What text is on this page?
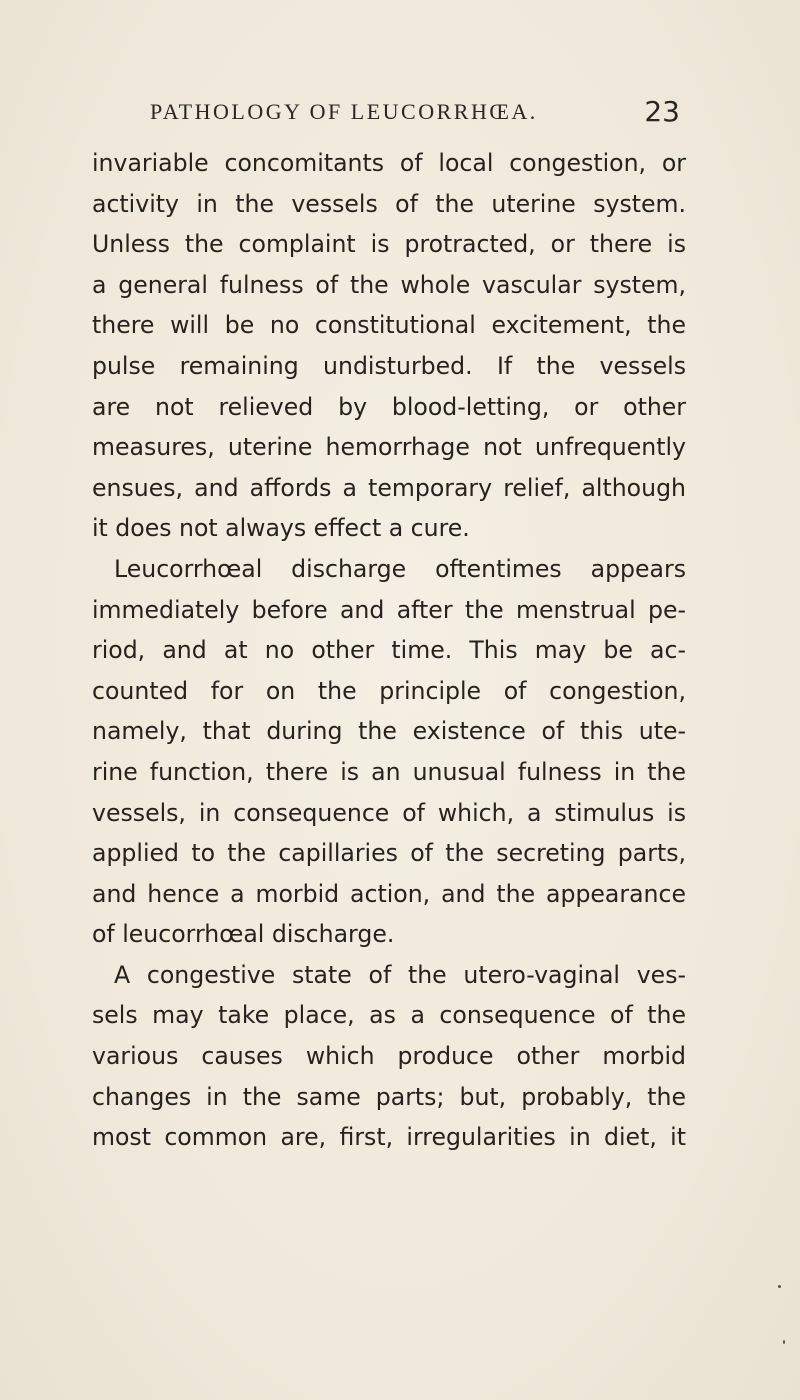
PATHOLOGY OF LEUCORRHŒA.	23
invariable concomitants of local congestion, or
activity in the vessels of the uterine system.
Unless the complaint is protracted, or there is
a general fulness of the whole vascular system,
there will be no constitutional excitement, the
pulse remaining undisturbed. If the vessels
are not relieved by blood-letting, or other
measures, uterine hemorrhage not unfrequently
ensues, and affords a temporary relief, although
it does not always effect a cure.
Leucorrhœal discharge oftentimes appears
immediately before and after the menstrual pe-
riod, and at no other time. This may be ac-
counted for on the principle of congestion,
namely, that during the existence of this ute-
rine function, there is an unusual fulness in the
vessels, in consequence of which, a stimulus is
applied to the capillaries of the secreting parts,
and hence a morbid action, and the appearance
of leucorrhœal discharge.
A congestive state of the utero-vaginal ves-
sels may take place, as a consequence of the
various causes which produce other morbid
changes in the same parts; but, probably, the
most common are, first, irregularities in diet, it
